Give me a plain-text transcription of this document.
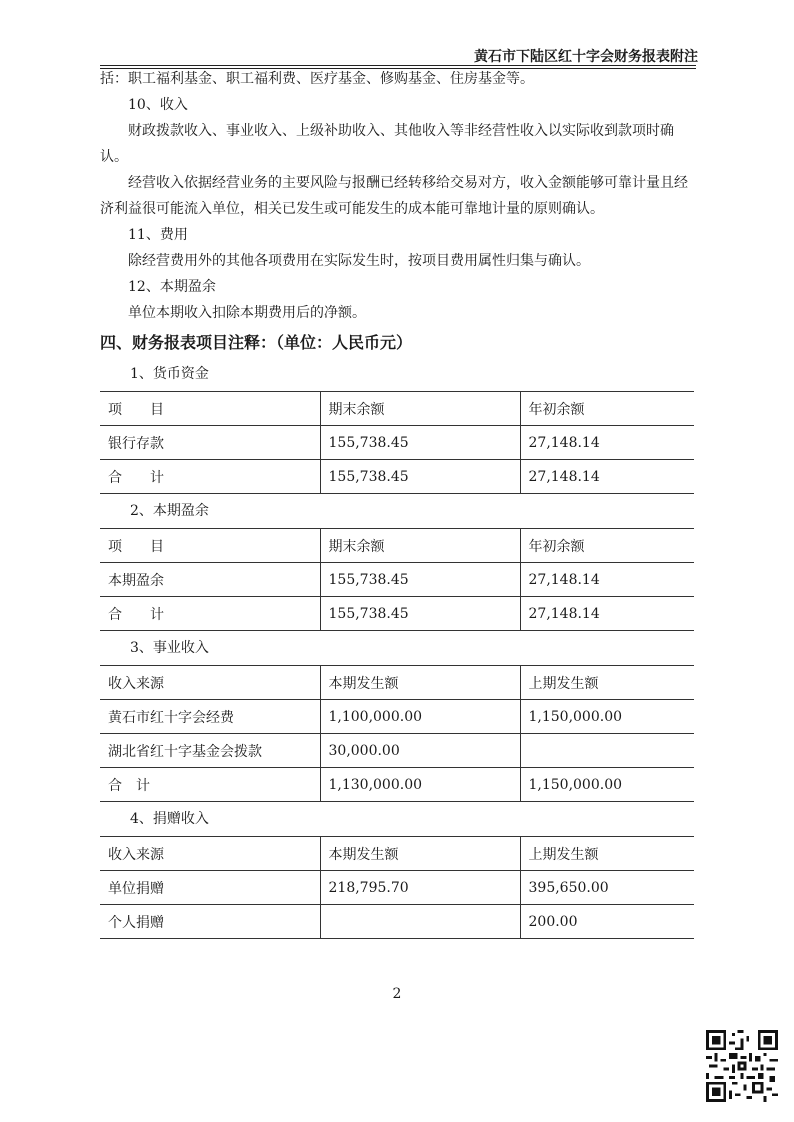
黄石市下陆区红十字会财务报表附注

括：职工福利基金、职工福利费、医疗基金、修购基金、住房基金等。

10、收入

财政拨款收入、事业收入、上级补助收入、其他收入等非经营性收入以实际收到款项时确认。

经营收入依据经营业务的主要风险与报酬已经转移给交易对方，收入金额能够可靠计量且经济利益很可能流入单位，相关已发生或可能发生的成本能可靠地计量的原则确认。

11、费用

除经营费用外的其他各项费用在实际发生时，按项目费用属性归集与确认。

12、本期盈余

单位本期收入扣除本期费用后的净额。

四、财务报表项目注释：（单位：人民币元）
1、货币资金
项　　目	期末余额	年初余额
银行存款	155,738.45	27,148.14
合　　计	155,738.45	27,148.14
2、本期盈余
项　　目	期末余额	年初余额
本期盈余	155,738.45	27,148.14
合　　计	155,738.45	27,148.14
3、事业收入
收入来源	本期发生额	上期发生额
黄石市红十字会经费	1,100,000.00	1,150,000.00
湖北省红十字基金会拨款	30,000.00	
合　计	1,130,000.00	1,150,000.00
4、捐赠收入
收入来源	本期发生额	上期发生额
单位捐赠	218,795.70	395,650.00
个人捐赠		200.00
2
